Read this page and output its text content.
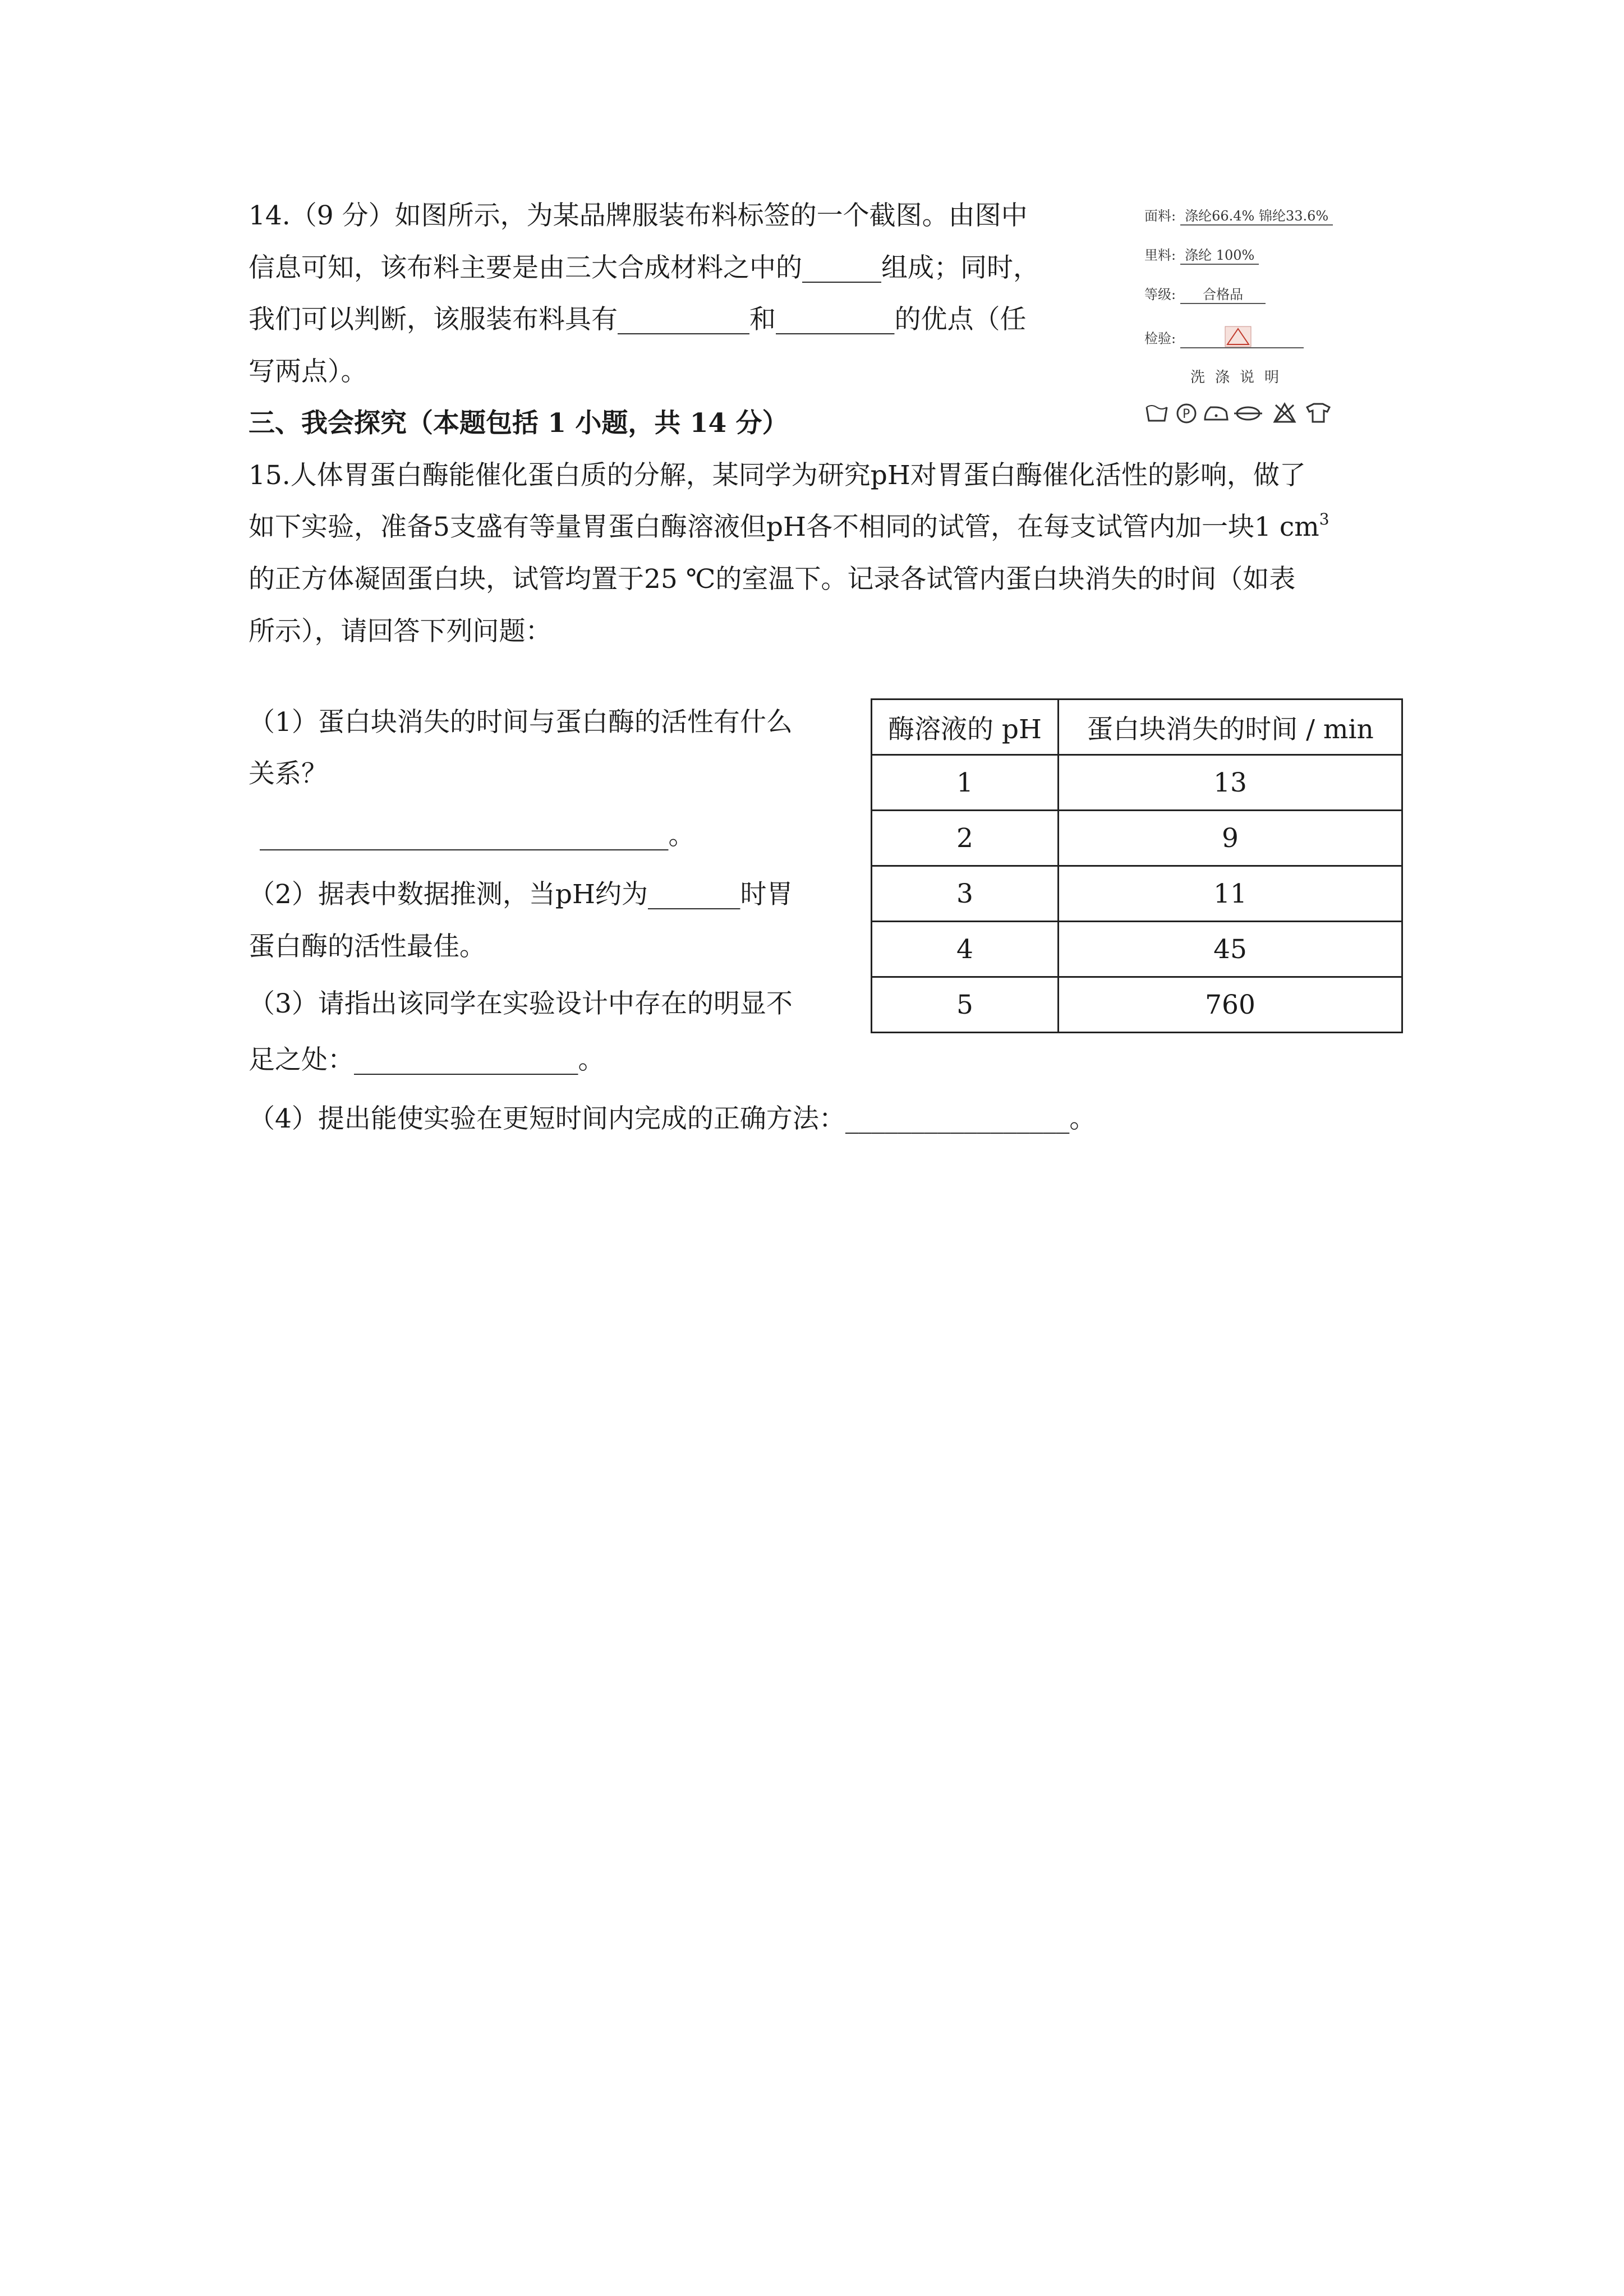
14.（9 分）如图所示，为某品牌服装布料标签的一个截图。由图中
信息可知，该布料主要是由三大合成材料之中的______组成；同时，
我们可以判断，该服装布料具有__________和_________的优点（任
写两点）。
面料: 涤纶66.4% 锦纶33.6%
里料: 涤纶 100%
等级: 合格品
检验:
洗涤说明
P
三、我会探究（本题包括 1 小题，共 14 分）
15.人体胃蛋白酶能催化蛋白质的分解，某同学为研究pH对胃蛋白酶催化活性的影响，做了
如下实验，准备5支盛有等量胃蛋白酶溶液但pH各不相同的试管，在每支试管内加一块1 $cm^3$
的正方体凝固蛋白块，试管均置于25 ℃的室温下。记录各试管内蛋白块消失的时间（如表
所示），请回答下列问题：
（1）蛋白块消失的时间与蛋白酶的活性有什么
关系？
_______________________________。
（2）据表中数据推测，当pH约为_______时胃
蛋白酶的活性最佳。
（3）请指出该同学在实验设计中存在的明显不
足之处：_________________。
（4）提出能使实验在更短时间内完成的正确方法：_________________。
酶溶液的 pH	蛋白块消失的时间 / min
1	13
2	9
3	11
4	45
5	760
